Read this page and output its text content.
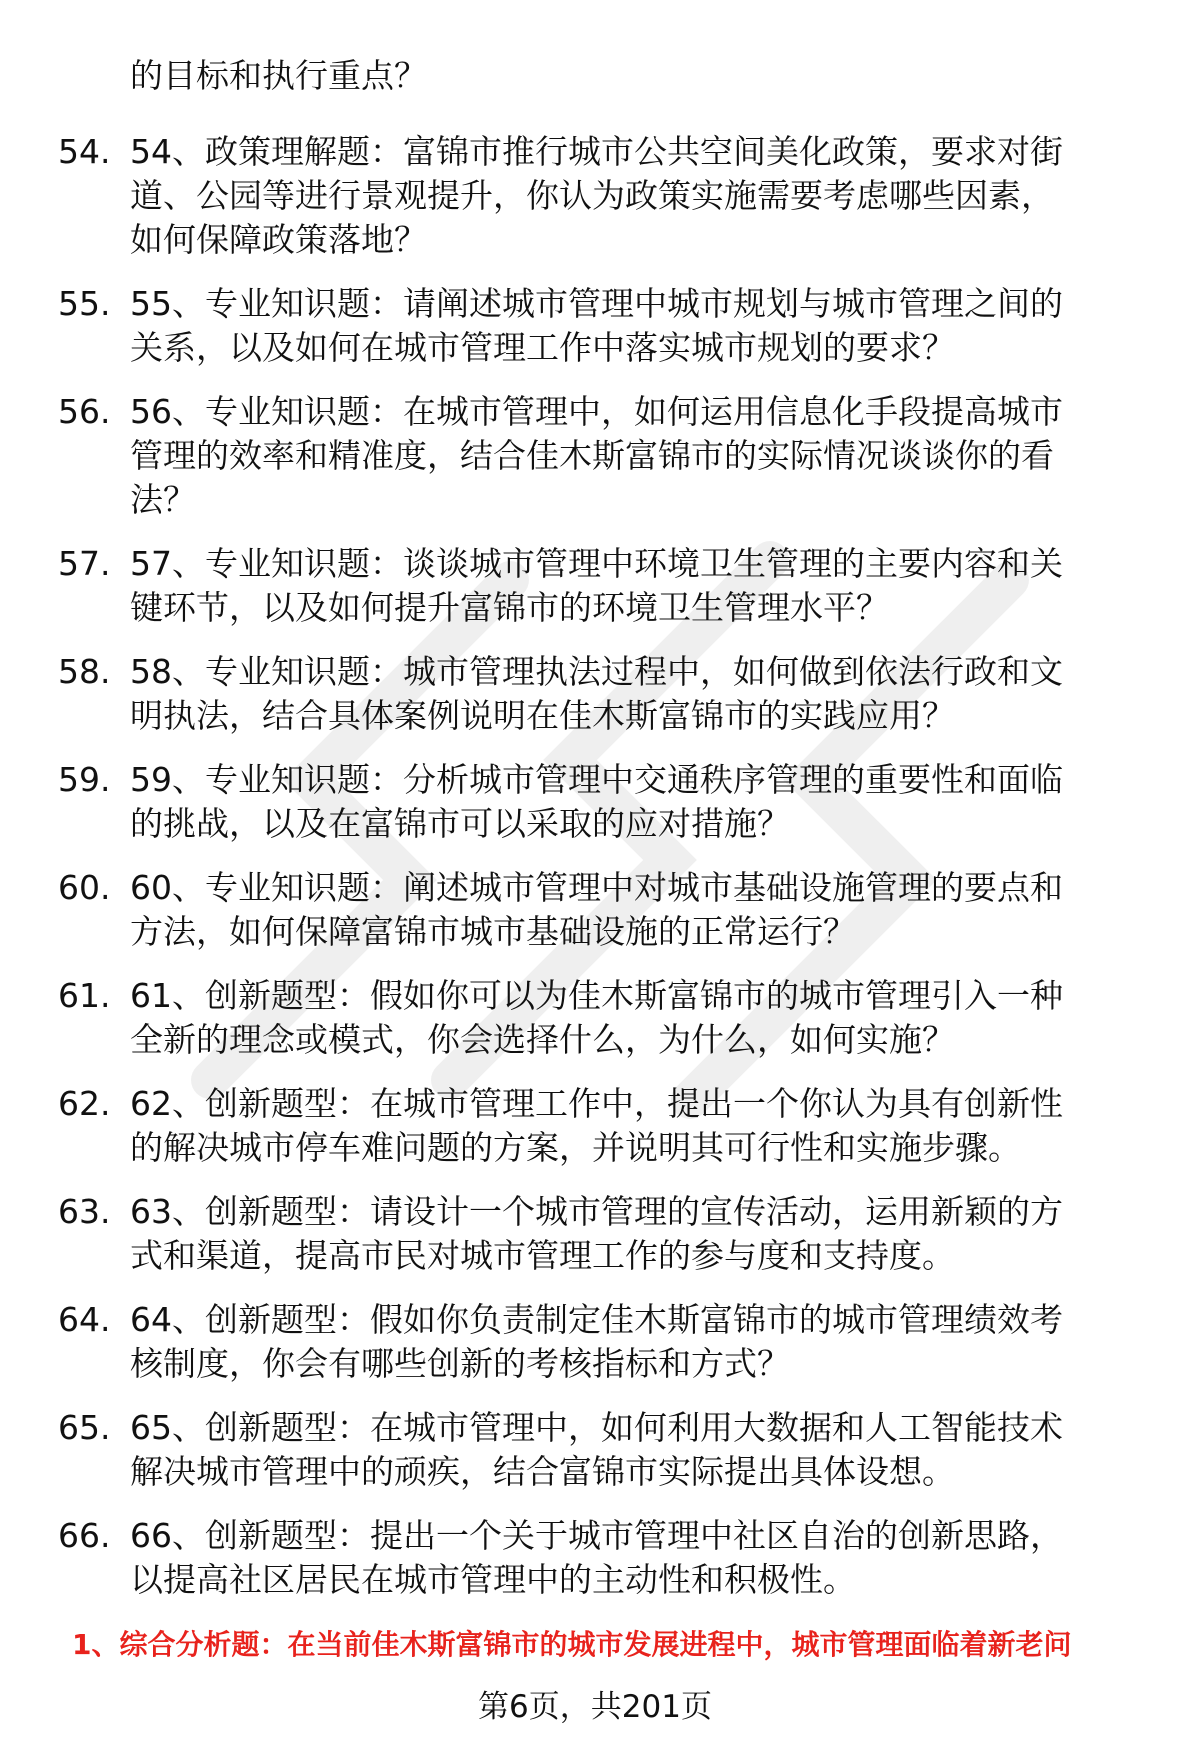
的目标和执行重点？
54. 54、政策理解题：富锦市推行城市公共空间美化政策，要求对街
道、公园等进行景观提升，你认为政策实施需要考虑哪些因素，
如何保障政策落地？
55. 55、专业知识题：请阐述城市管理中城市规划与城市管理之间的
关系，以及如何在城市管理工作中落实城市规划的要求？
56. 56、专业知识题：在城市管理中，如何运用信息化手段提高城市
管理的效率和精准度，结合佳木斯富锦市的实际情况谈谈你的看
法？
57. 57、专业知识题：谈谈城市管理中环境卫生管理的主要内容和关
键环节，以及如何提升富锦市的环境卫生管理水平？
58. 58、专业知识题：城市管理执法过程中，如何做到依法行政和文
明执法，结合具体案例说明在佳木斯富锦市的实践应用？
59. 59、专业知识题：分析城市管理中交通秩序管理的重要性和面临
的挑战，以及在富锦市可以采取的应对措施？
60. 60、专业知识题：阐述城市管理中对城市基础设施管理的要点和
方法，如何保障富锦市城市基础设施的正常运行？
61. 61、创新题型：假如你可以为佳木斯富锦市的城市管理引入一种
全新的理念或模式，你会选择什么，为什么，如何实施？
62. 62、创新题型：在城市管理工作中，提出一个你认为具有创新性
的解决城市停车难问题的方案，并说明其可行性和实施步骤。
63. 63、创新题型：请设计一个城市管理的宣传活动，运用新颖的方
式和渠道，提高市民对城市管理工作的参与度和支持度。
64. 64、创新题型：假如你负责制定佳木斯富锦市的城市管理绩效考
核制度，你会有哪些创新的考核指标和方式？
65. 65、创新题型：在城市管理中，如何利用大数据和人工智能技术
解决城市管理中的顽疾，结合富锦市实际提出具体设想。
66. 66、创新题型：提出一个关于城市管理中社区自治的创新思路，
以提高社区居民在城市管理中的主动性和积极性。
1、综合分析题：在当前佳木斯富锦市的城市发展进程中，城市管理面临着新老问
第6页，共201页
